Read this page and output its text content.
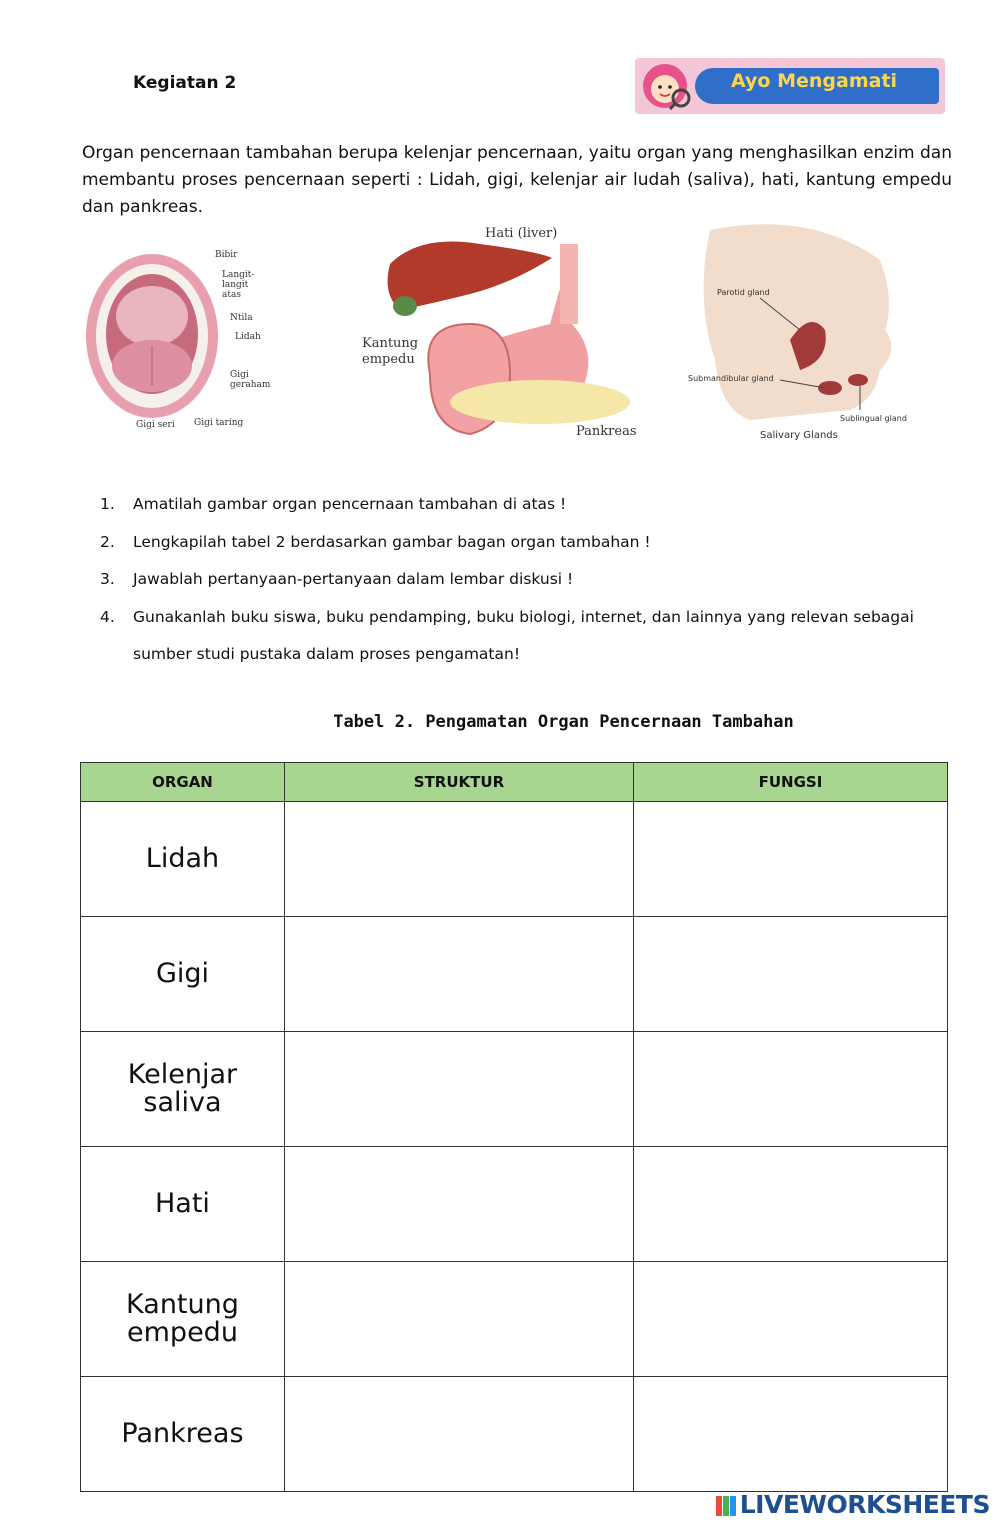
Kegiatan 2	Ayo Mengamati
Organ pencernaan tambahan berupa kelenjar pencernaan, yaitu organ yang menghasilkan enzim dan membantu proses pencernaan seperti : Lidah, gigi, kelenjar air ludah (saliva), hati, kantung empedu dan pankreas.
Bibir
Langit-
langit
atas
Ntila
Lidah
Gigi
geraham
Gigi seri Gigi taring
Hati (liver)
Kantung
empedu
Pankreas
Parotid gland
Submandibular gland
Sublingual gland
Salivary Glands
1. Amatilah gambar organ pencernaan tambahan di atas !
2. Lengkapilah tabel 2 berdasarkan gambar bagan organ tambahan !
3. Jawablah pertanyaan-pertanyaan dalam lembar diskusi !
4. Gunakanlah buku siswa, buku pendamping, buku biologi, internet, dan lainnya yang relevan sebagai sumber studi pustaka dalam proses pengamatan!
Tabel 2. Pengamatan Organ Pencernaan Tambahan
ORGAN	STRUKTUR	FUNGSI
Lidah		
Gigi		
Kelenjar saliva		
Hati		
Kantung empedu		
Pankreas		
LIVEWORKSHEETS
